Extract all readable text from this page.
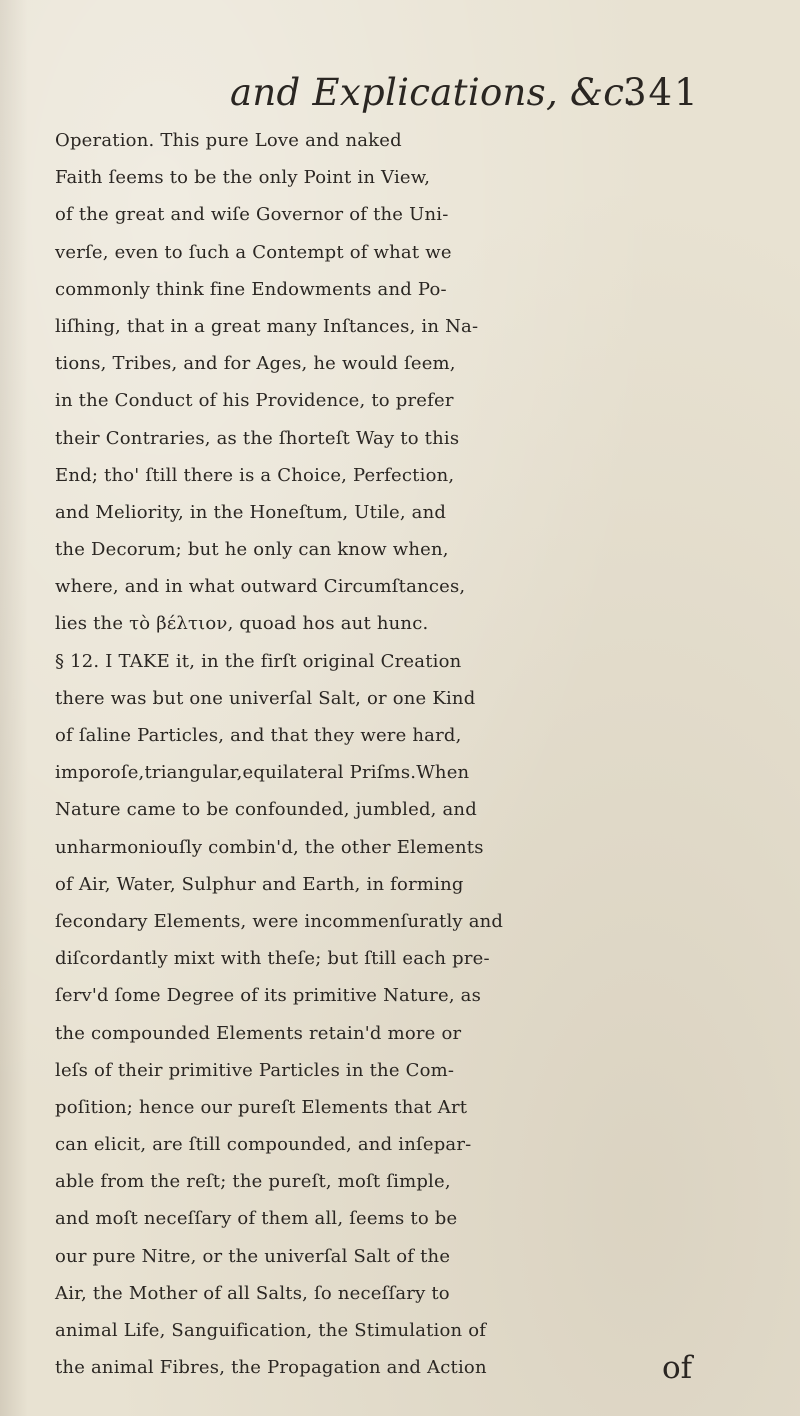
and Explications, &c.
341
Operation. This pure Love and naked
Faith ſeems to be the only Point in View,
of the great and wiſe Governor of the Uni-
verſe, even to ſuch a Contempt of what we
commonly think fine Endowments and Po-
liſhing, that in a great many Inſtances, in Na-
tions, Tribes, and for Ages, he would ſeem,
in the Conduct of his Providence, to prefer
their Contraries, as the ſhorteſt Way to this
End; tho' ſtill there is a Choice, Perfection,
and Meliority, in the Honeſtum, Utile, and
the Decorum; but he only can know when,
where, and in what outward Circumſtances,
lies the τὸ βέλτιον, quoad hos aut hunc.
§ 12. I TAKE it, in the firſt original Creation
there was but one univerſal Salt, or one Kind
of ſaline Particles, and that they were hard,
imporoſe,triangular,equilateral Priſms.When
Nature came to be confounded, jumbled, and
unharmoniouſly combin'd, the other Elements
of Air, Water, Sulphur and Earth, in forming
ſecondary Elements, were incommenſuratly and
diſcordantly mixt with theſe; but ſtill each pre-
ſerv'd ſome Degree of its primitive Nature, as
the compounded Elements retain'd more or
leſs of their primitive Particles in the Com-
poſition; hence our pureſt Elements that Art
can elicit, are ſtill compounded, and inſepar-
able from the reſt; the pureſt, moſt ſimple,
and moſt neceſſary of them all, ſeems to be
our pure Nitre, or the univerſal Salt of the
Air, the Mother of all Salts, ſo neceſſary to
animal Life, Sanguification, the Stimulation of
the animal Fibres, the Propagation and Action	of
